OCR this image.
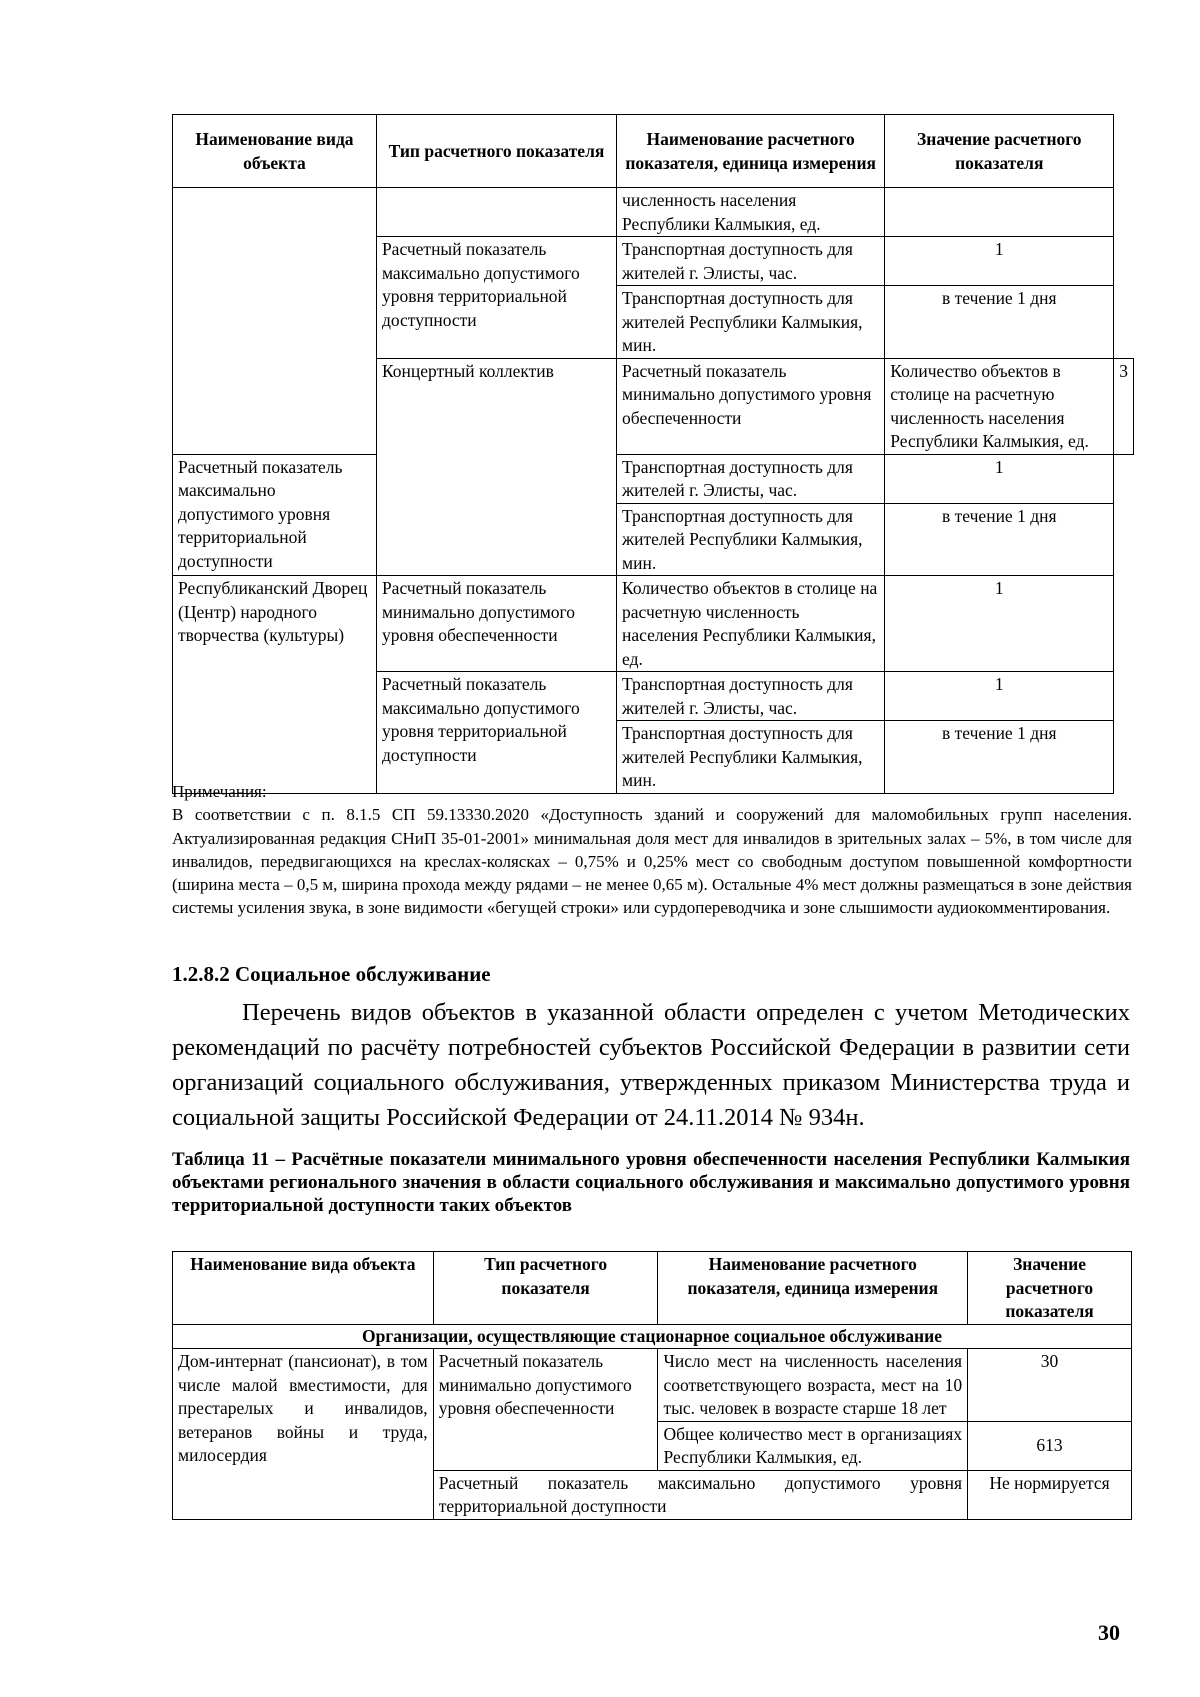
Наименование вида объекта	Тип расчетного показателя	Наименование расчетного показателя, единица измерения	Значение расчетного показателя	
		численность населения Республики Калмыкия, ед.		
	Расчетный показатель максимально допустимого уровня территориальной доступности	Транспортная доступность для жителей г. Элисты, час.	1	
		Транспортная доступность для жителей Республики Калмыкия, мин.	в течение 1 дня	
	Концертный коллектив	Расчетный показатель минимально допустимого уровня обеспеченности	Количество объектов в столице на расчетную численность населения Республики Калмыкия, ед.	3
Расчетный показатель максимально допустимого уровня территориальной доступности		Транспортная доступность для жителей г. Элисты, час.	1	
		Транспортная доступность для жителей Республики Калмыкия, мин.	в течение 1 дня	
Республиканский Дворец (Центр) народного творчества (культуры)	Расчетный показатель минимально допустимого уровня обеспеченности	Количество объектов в столице на расчетную численность населения Республики Калмыкия, ед.	1	
	Расчетный показатель максимально допустимого уровня территориальной доступности	Транспортная доступность для жителей г. Элисты, час.	1	
		Транспортная доступность для жителей Республики Калмыкия, мин.	в течение 1 дня	

Примечания:

В соответствии с п. 8.1.5 СП 59.13330.2020 «Доступность зданий и сооружений для маломобильных групп населения. Актуализированная редакция СНиП 35-01-2001» минимальная доля мест для инвалидов в зрительных залах – 5%, в том числе для инвалидов, передвигающихся на креслах-колясках – 0,75% и 0,25% мест со свободным доступом повышенной комфортности (ширина места – 0,5 м, ширина прохода между рядами – не менее 0,65 м). Остальные 4% мест должны размещаться в зоне действия системы усиления звука, в зоне видимости «бегущей строки» или сурдопереводчика и зоне слышимости аудиокомментирования.

1.2.8.2 Социальное обслуживание

Перечень видов объектов в указанной области определен с учетом Методических рекомендаций по расчёту потребностей субъектов Российской Федерации в развитии сети организаций социального обслуживания, утвержденных приказом Министерства труда и социальной защиты Российской Федерации от 24.11.2014 № 934н.

Таблица 11 – Расчётные показатели минимального уровня обеспеченности населения Республики Калмыкия объектами регионального значения в области социального обслуживания и максимально допустимого уровня территориальной доступности таких объектов

Наименование вида объекта	Тип расчетного показателя	Наименование расчетного показателя, единица измерения	Значение расчетного показателя
Организации, осуществляющие стационарное социальное обслуживание			
Дом-интернат (пансионат), в том числе малой вместимости, для престарелых и инвалидов, ветеранов войны и труда, милосердия	Расчетный показатель минимально допустимого уровня обеспеченности	Число мест на численность населения соответствующего возраста, мест на 10 тыс. человек в возрасте старше 18 лет	30
		Общее количество мест в организациях Республики Калмыкия, ед.	613
	Расчетный показатель максимально допустимого уровня территориальной доступности		Не нормируется
30
